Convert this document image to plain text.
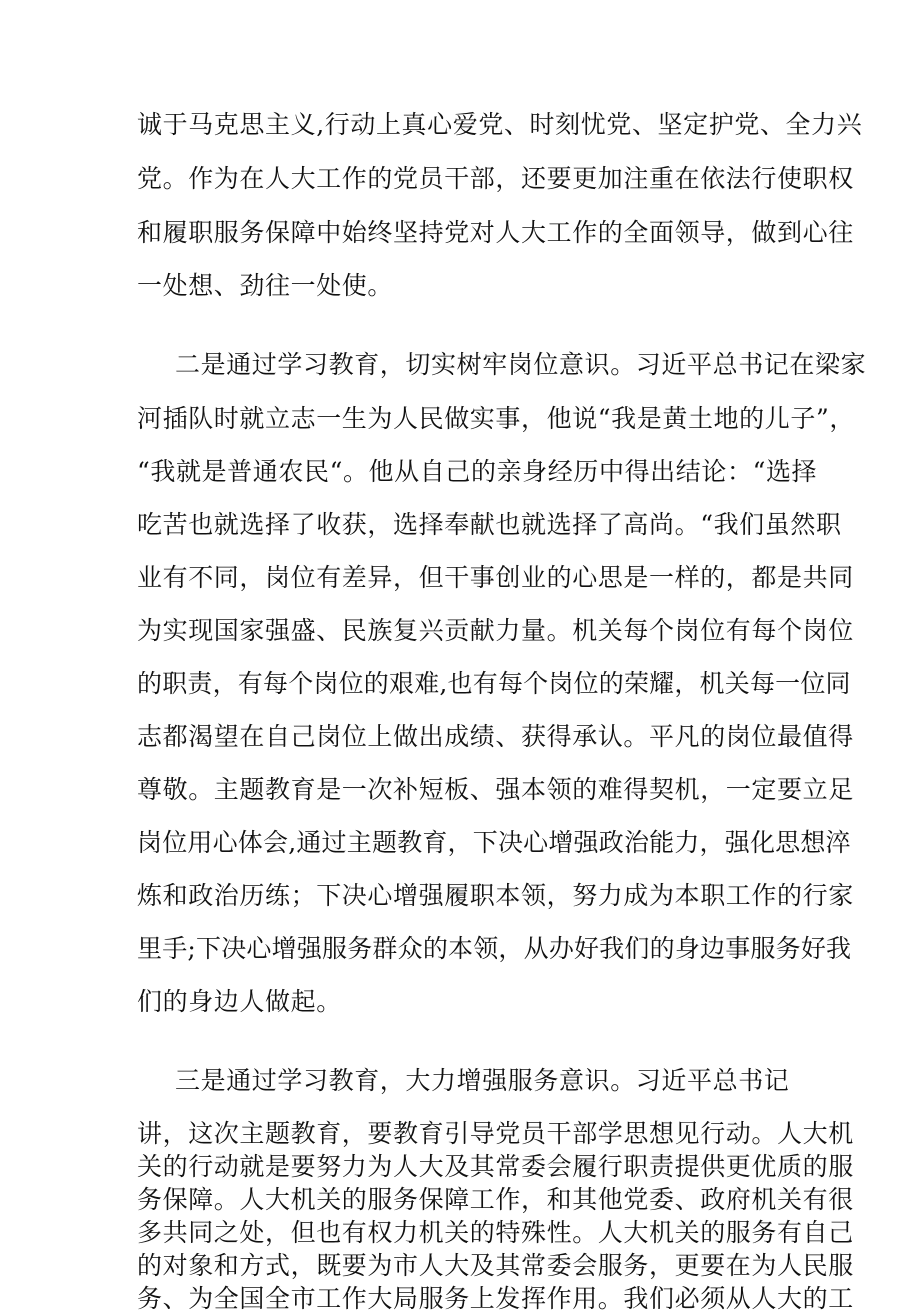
诚于马克思主义,行动上真心爱党、时刻忧党、坚定护党、全力兴
党。作为在人大工作的党员干部，还要更加注重在依法行使职权
和履职服务保障中始终坚持党对人大工作的全面领导，做到心往
一处想、劲往一处使。
二是通过学习教育，切实树牢岗位意识。习近平总书记在梁家
河插队时就立志一生为人民做实事，他说“我是黄土地的儿子”，
“我就是普通农民“。他从自己的亲身经历中得出结论：“选择
吃苦也就选择了收获，选择奉献也就选择了高尚。“我们虽然职
业有不同，岗位有差异，但干事创业的心思是一样的，都是共同
为实现国家强盛、民族复兴贡献力量。机关每个岗位有每个岗位
的职责，有每个岗位的艰难,也有每个岗位的荣耀，机关每一位同
志都渴望在自己岗位上做出成绩、获得承认。平凡的岗位最值得
尊敬。主题教育是一次补短板、强本领的难得契机，一定要立足
岗位用心体会,通过主题教育，下决心增强政治能力，强化思想淬
炼和政治历练；下决心增强履职本领，努力成为本职工作的行家
里手;下决心增强服务群众的本领，从办好我们的身边事服务好我
们的身边人做起。
三是通过学习教育，大力增强服务意识。习近平总书记
讲，这次主题教育，要教育引导党员干部学思想见行动。人大机
关的行动就是要努力为人大及其常委会履行职责提供更优质的服
务保障。人大机关的服务保障工作，和其他党委、政府机关有很
多共同之处，但也有权力机关的特殊性。人大机关的服务有自己
的对象和方式，既要为市人大及其常委会服务，更要在为人民服
务、为全国全市工作大局服务上发挥作用。我们必须从人大的工
